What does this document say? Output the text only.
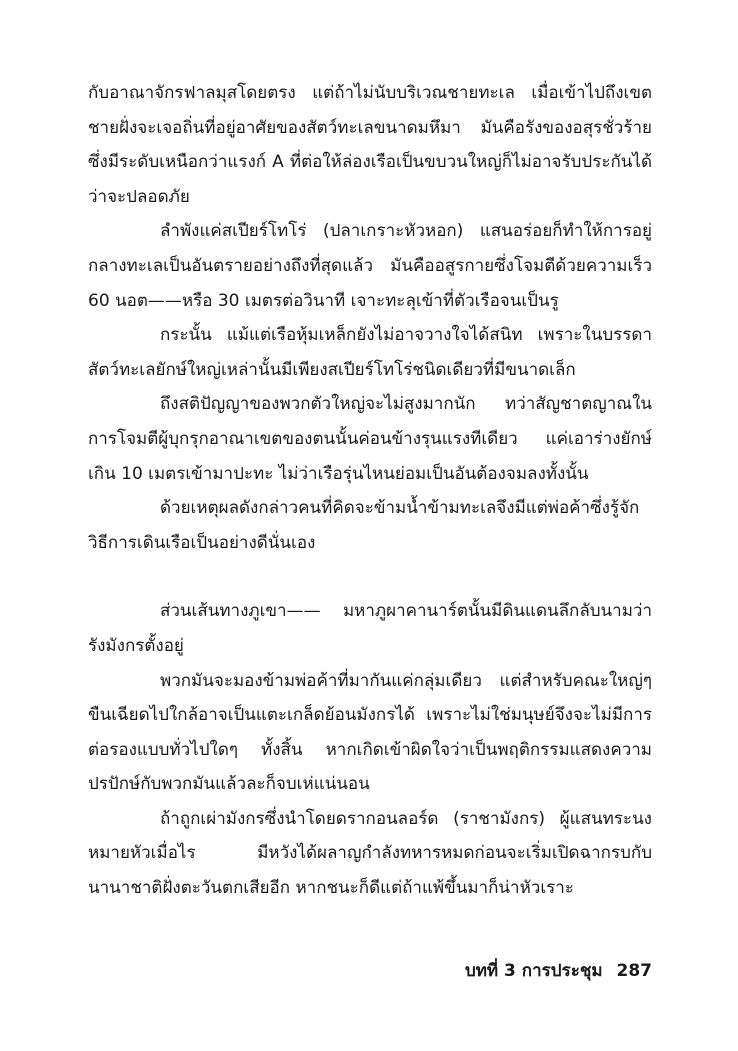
กับอาณาจักรฟาลมุสโดยตรง แต่ถ้าไม่นับบริเวณชายทะเล เมื่อเข้าไปถึงเขตชายฝั่งจะเจอถิ่นที่อยู่อาศัยของสัตว์ทะเลขนาดมหึมา มันคือรังของอสุรชั่วร้ายซึ่งมีระดับเหนือกว่าแรงก์ A ที่ต่อให้ล่องเรือเป็นขบวนใหญ่ก็ไม่อาจรับประกันได้ว่าจะปลอดภัย

ลำพังแค่สเปียร์โทโร่ (ปลาเกราะหัวหอก) แสนอร่อยก็ทำให้การอยู่กลางทะเลเป็นอันตรายอย่างถึงที่สุดแล้ว มันคืออสูรกายซึ่งโจมตีด้วยความเร็ว 60 นอต——หรือ 30 เมตรต่อวินาที เจาะทะลุเข้าที่ตัวเรือจนเป็นรู

กระนั้น แม้แต่เรือหุ้มเหล็กยังไม่อาจวางใจได้สนิท เพราะในบรรดาสัตว์ทะเลยักษ์ใหญ่เหล่านั้นมีเพียงสเปียร์โทโร่ชนิดเดียวที่มีขนาดเล็ก

ถึงสติปัญญาของพวกตัวใหญ่จะไม่สูงมากนัก ทว่าสัญชาตญาณในการโจมตีผู้บุกรุกอาณาเขตของตนนั้นค่อนข้างรุนแรงทีเดียว แค่เอาร่างยักษ์เกิน 10 เมตรเข้ามาปะทะ ไม่ว่าเรือรุ่นไหนย่อมเป็นอันต้องจมลงทั้งนั้น

ด้วยเหตุผลดังกล่าวคนที่คิดจะข้ามน้ำข้ามทะเลจึงมีแต่พ่อค้าซึ่งรู้จักวิธีการเดินเรือเป็นอย่างดีนั่นเอง

ส่วนเส้นทางภูเขา—— มหาภูผาคานาร์ตนั้นมีดินแดนลึกลับนามว่ารังมังกรตั้งอยู่

พวกมันจะมองข้ามพ่อค้าที่มากันแค่กลุ่มเดียว แต่สำหรับคณะใหญ่ๆ ขืนเฉียดไปใกล้อาจเป็นแตะเกล็ดย้อนมังกรได้ เพราะไม่ใช่มนุษย์จึงจะไม่มีการต่อรองแบบทั่วไปใดๆ ทั้งสิ้น หากเกิดเข้าผิดใจว่าเป็นพฤติกรรมแสดงความปรปักษ์กับพวกมันแล้วละก็จบเห่แน่นอน

ถ้าถูกเผ่ามังกรซึ่งนำโดยดรากอนลอร์ด (ราชามังกร) ผู้แสนทระนงหมายหัวเมื่อไร มีหวังได้ผลาญกำลังทหารหมดก่อนจะเริ่มเปิดฉากรบกับนานาชาติฝั่งตะวันตกเสียอีก หากชนะก็ดีแต่ถ้าแพ้ขึ้นมาก็น่าหัวเราะ

บทที่ 3 การประชุม 287
